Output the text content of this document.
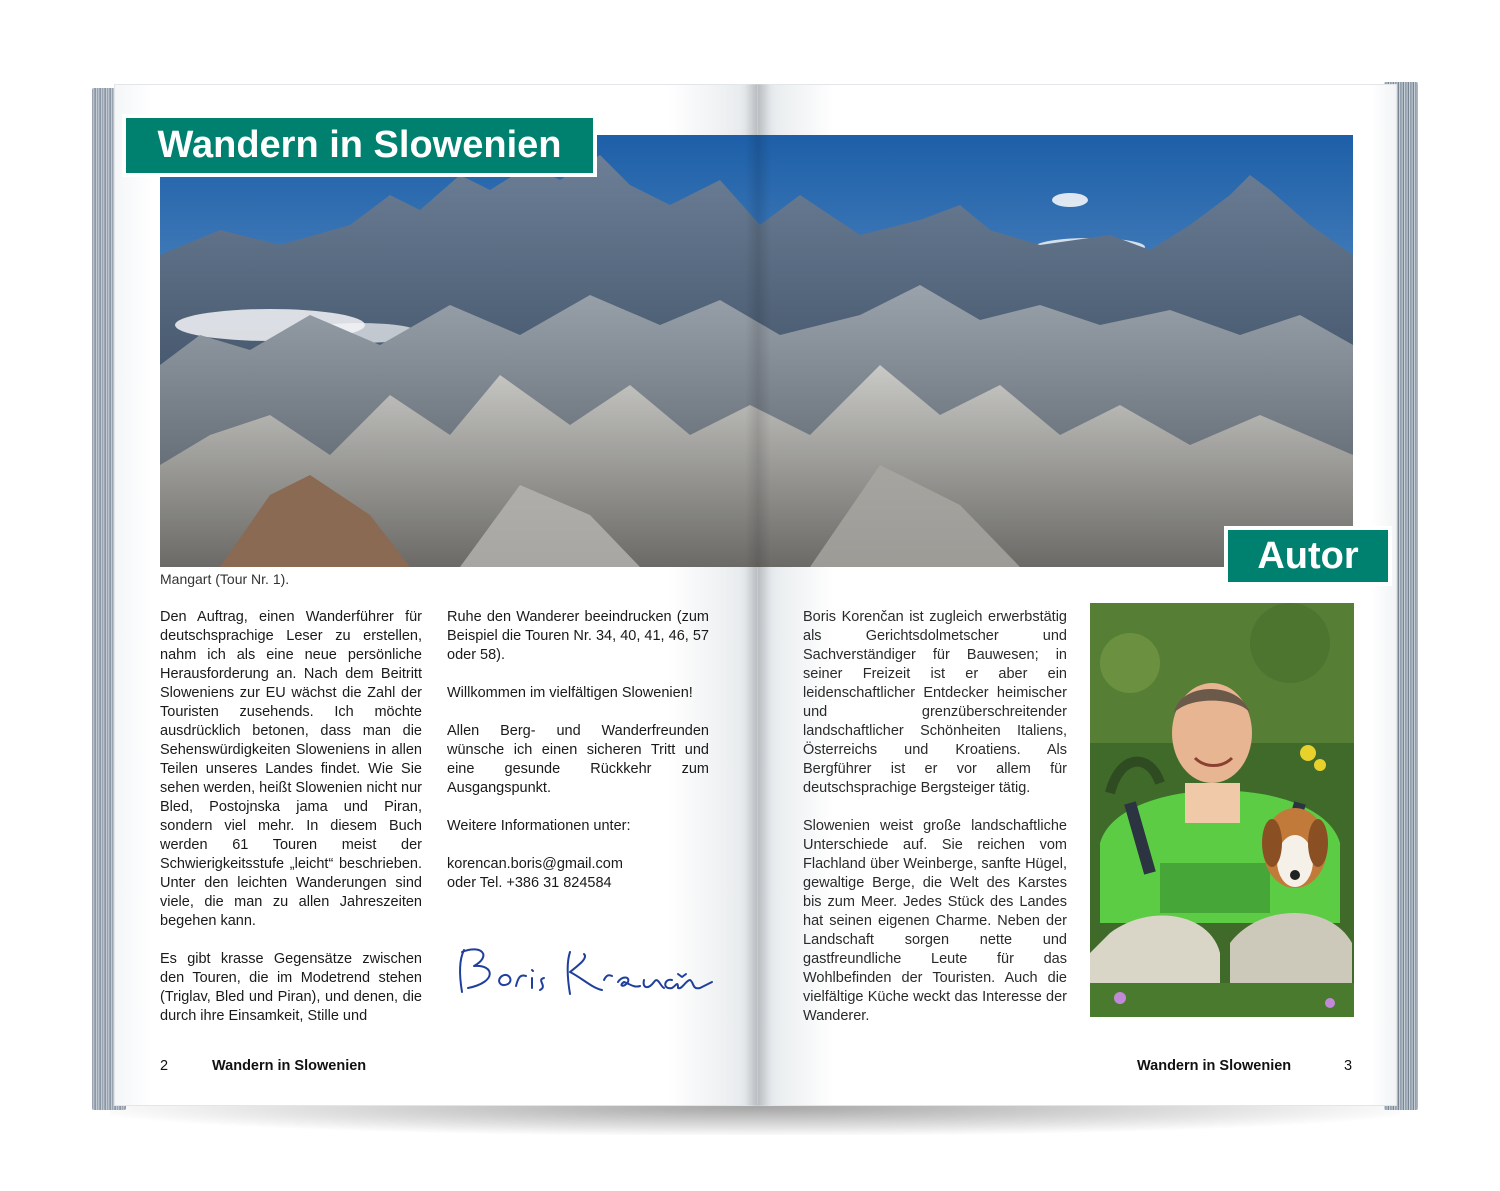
Wandern in Slowenien
Autor
Mangart (Tour Nr. 1).

Den Auftrag, einen Wanderführer für deutschsprachige Leser zu erstellen, nahm ich als eine neue persönliche Herausforderung an. Nach dem Beitritt Sloweniens zur EU wächst die Zahl der Touristen zusehends. Ich möchte ausdrücklich betonen, dass man die Sehenswürdigkeiten Sloweniens in allen Teilen unseres Landes findet. Wie Sie sehen werden, heißt Slowenien nicht nur Bled, Postojnska jama und Piran, sondern viel mehr. In diesem Buch werden 61 Touren meist der Schwierigkeitsstufe „leicht“ beschrieben. Unter den leichten Wanderungen sind viele, die man zu allen Jahreszeiten begehen kann.

Es gibt krasse Gegensätze zwischen den Touren, die im Modetrend stehen (Triglav, Bled und Piran), und denen, die durch ihre Einsamkeit, Stille und

Ruhe den Wanderer beeindrucken (zum Beispiel die Touren Nr. 34, 40, 41, 46, 57 oder 58).

Willkommen im vielfältigen Slowenien!

Allen Berg- und Wanderfreunden wünsche ich einen sicheren Tritt und eine gesunde Rückkehr zum Ausgangspunkt.

Weitere Informationen unter:

korencan.boris@gmail.com
oder Tel. +386 31 824584

Boris Korenčan ist zugleich erwerbstätig als Gerichtsdolmetscher und Sachverständiger für Bauwesen; in seiner Freizeit ist er aber ein leidenschaftlicher Entdecker heimischer und grenzüberschreitender landschaftlicher Schönheiten Italiens, Österreichs und Kroatiens. Als Bergführer ist er vor allem für deutschsprachige Bergsteiger tätig.

Slowenien weist große landschaftliche Unterschiede auf. Sie reichen vom Flachland über Weinberge, sanfte Hügel, gewaltige Berge, die Welt des Karstes bis zum Meer. Jedes Stück des Landes hat seinen eigenen Charme. Neben der Landschaft sorgen nette und gastfreundliche Leute für das Wohlbefinden der Touristen. Auch die vielfältige Küche weckt das Interesse der Wanderer.

2	Wandern in Slowenien	Wandern in Slowenien	3
